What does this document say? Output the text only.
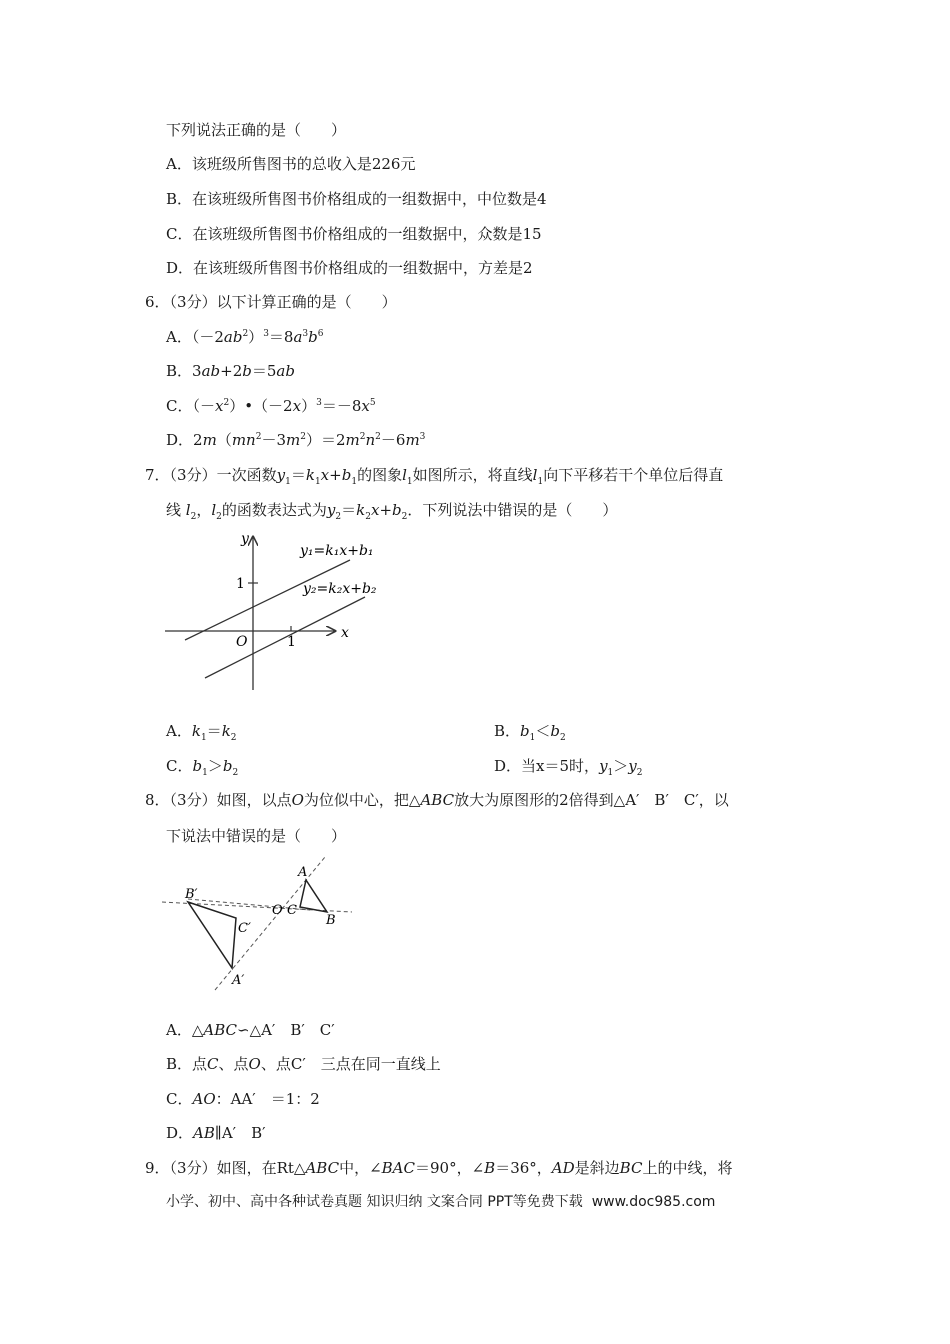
下列说法正确的是（　　）
A．该班级所售图书的总收入是226元
B．在该班级所售图书价格组成的一组数据中，中位数是4
C．在该班级所售图书价格组成的一组数据中，众数是15
D．在该班级所售图书价格组成的一组数据中，方差是2
6．（3分）以下计算正确的是（　　）
A．$(-2ab^2)^3=8a^3b^6$
B．3ab+2b＝5ab
C．$(-x^2)•(-2x)^3=-8x^5$
D．$2m(mn^2-3m^2)=2m^2n^2-6m^3$
7．（3分）一次函数$y_1=k_1x+b_1$的图象$l_1$如图所示，将直线$l_1$向下平移若干个单位后得直
线 $l_2$，$l_2$的函数表达式为$y_2=k_2x+b_2$．下列说法中错误的是（　　）
y
x
O
1
1
y₁=k₁x+b₁
y₂=k₂x+b₂
A．$k_1=k_2$	B．$b_1<b_2$
C．$b_1>b_2$	D．当x＝5时，$y_1>y_2$
8．（3分）如图，以点O为位似中心，把△ABC放大为原图形的2倍得到△A′　B′　C′，以
下说法中错误的是（　　）
B′
C′
A′
O C
A
B
A．△ABC∽△A′　B′　C′
B．点C、点O、点C′　三点在同一直线上
C．AO：AA′　＝1：2
D．AB∥A′　B′
9．（3分）如图，在Rt△ABC中，∠BAC＝90°，∠B＝36°，AD是斜边BC上的中线，将
小学、初中、高中各种试卷真题 知识归纳 文案合同 PPT等免费下载 www.doc985.com
